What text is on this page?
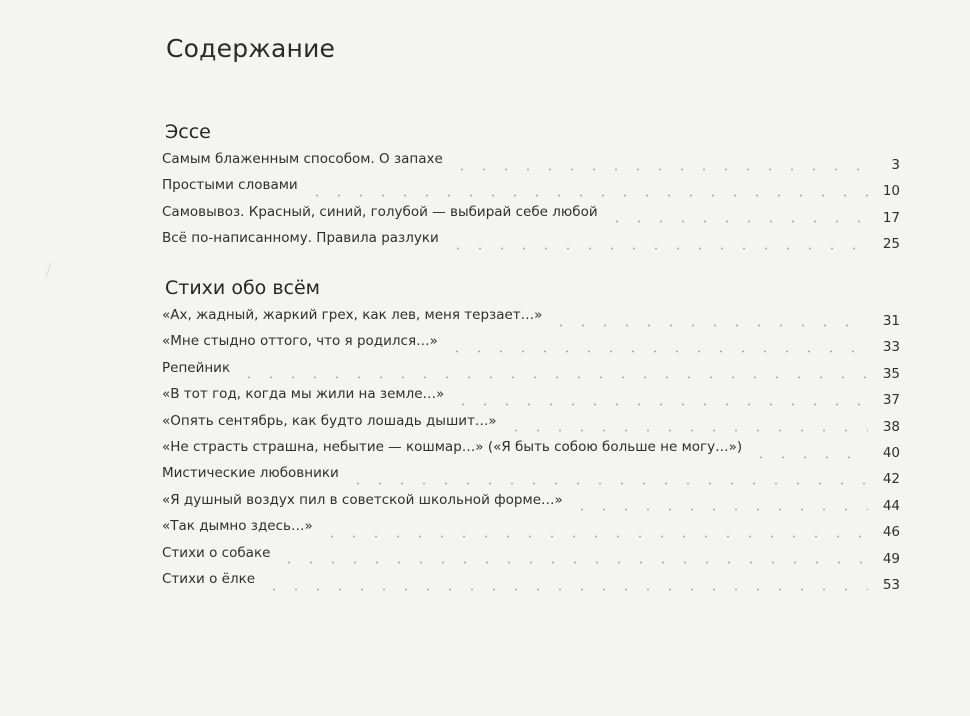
Содержание
Эссе
Самым блаженным способом. О запахе	3
Простыми словами	10
Самовывоз. Красный, синий, голубой — выбирай себе любой	17
Всё по-написанному. Правила разлуки	25
Стихи обо всём
«Ах, жадный, жаркий грех, как лев, меня терзает…»	31
«Мне стыдно оттого, что я родился…»	33
Репейник	35
«В тот год, когда мы жили на земле…»	37
«Опять сентябрь, как будто лошадь дышит…»	38
«Не страсть страшна, небытие — кошмар…» («Я быть собою больше не могу…»)	40
Мистические любовники	42
«Я душный воздух пил в советской школьной форме…»	44
«Так дымно здесь…»	46
Стихи о собаке	49
Стихи о ёлке	53
